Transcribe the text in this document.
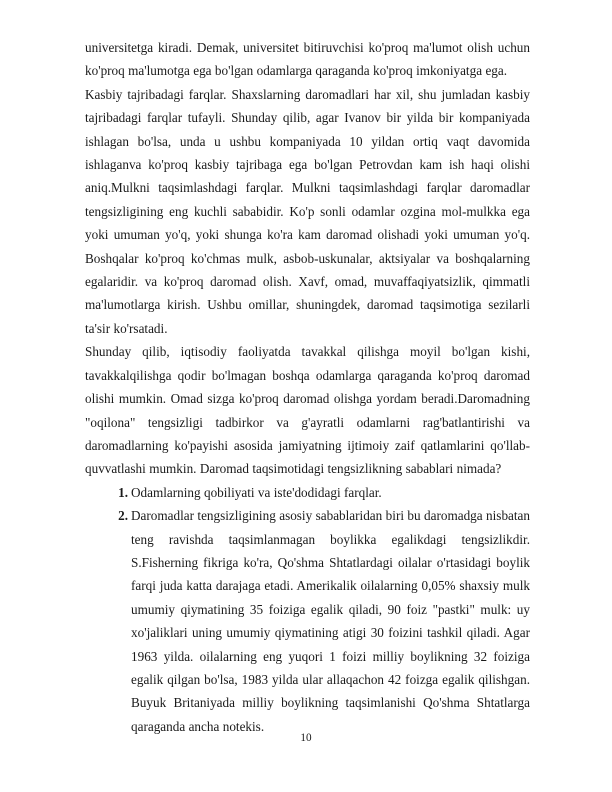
universitetga kiradi. Demak, universitet bitiruvchisi ko'proq ma'lumot olish uchun ko'proq ma'lumotga ega bo'lgan odamlarga qaraganda ko'proq imkoniyatga ega.

Kasbiy tajribadagi farqlar. Shaxslarning daromadlari har xil, shu jumladan kasbiy tajribadagi farqlar tufayli. Shunday qilib, agar Ivanov bir yilda bir kompaniyada ishlagan bo'lsa, unda u ushbu kompaniyada 10 yildan ortiq vaqt davomida ishlaganva ko'proq kasbiy tajribaga ega bo'lgan Petrovdan kam ish haqi olishi aniq.Mulkni taqsimlashdagi farqlar. Mulkni taqsimlashdagi farqlar daromadlar tengsizligining eng kuchli sababidir. Ko'p sonli odamlar ozgina mol-mulkka ega yoki umuman yo'q, yoki shunga ko'ra kam daromad olishadi yoki umuman yo'q. Boshqalar ko'proq ko'chmas mulk, asbob-uskunalar, aktsiyalar va boshqalarning egalaridir. va ko'proq daromad olish. Xavf, omad, muvaffaqiyatsizlik, qimmatli ma'lumotlarga kirish. Ushbu omillar, shuningdek, daromad taqsimotiga sezilarli ta'sir ko'rsatadi.

Shunday qilib, iqtisodiy faoliyatda tavakkal qilishga moyil bo'lgan kishi, tavakkalqilishga qodir bo'lmagan boshqa odamlarga qaraganda ko'proq daromad olishi mumkin. Omad sizga ko'proq daromad olishga yordam beradi.Daromadning "oqilona" tengsizligi tadbirkor va g'ayratli odamlarni rag'batlantirishi va daromadlarning ko'payishi asosida jamiyatning ijtimoiy zaif qatlamlarini qo'llab-quvvatlashi mumkin. Daromad taqsimotidagi tengsizlikning sabablari nimada?

Odamlarning qobiliyati va iste'dodidagi farqlar.
Daromadlar tengsizligining asosiy sabablaridan biri bu daromadga nisbatan teng ravishda taqsimlanmagan boylikka egalikdagi tengsizlikdir. S.Fisherning fikriga ko'ra, Qo'shma Shtatlardagi oilalar o'rtasidagi boylik farqi juda katta darajaga etadi. Amerikalik oilalarning 0,05% shaxsiy mulk umumiy qiymatining 35 foiziga egalik qiladi, 90 foiz "pastki" mulk: uy xo'jaliklari uning umumiy qiymatining atigi 30 foizini tashkil qiladi. Agar 1963 yilda. oilalarning eng yuqori 1 foizi milliy boylikning 32 foiziga egalik qilgan bo'lsa, 1983 yilda ular allaqachon 42 foizga egalik qilishgan. Buyuk Britaniyada milliy boylikning taqsimlanishi Qo'shma Shtatlarga qaraganda ancha notekis.
10
